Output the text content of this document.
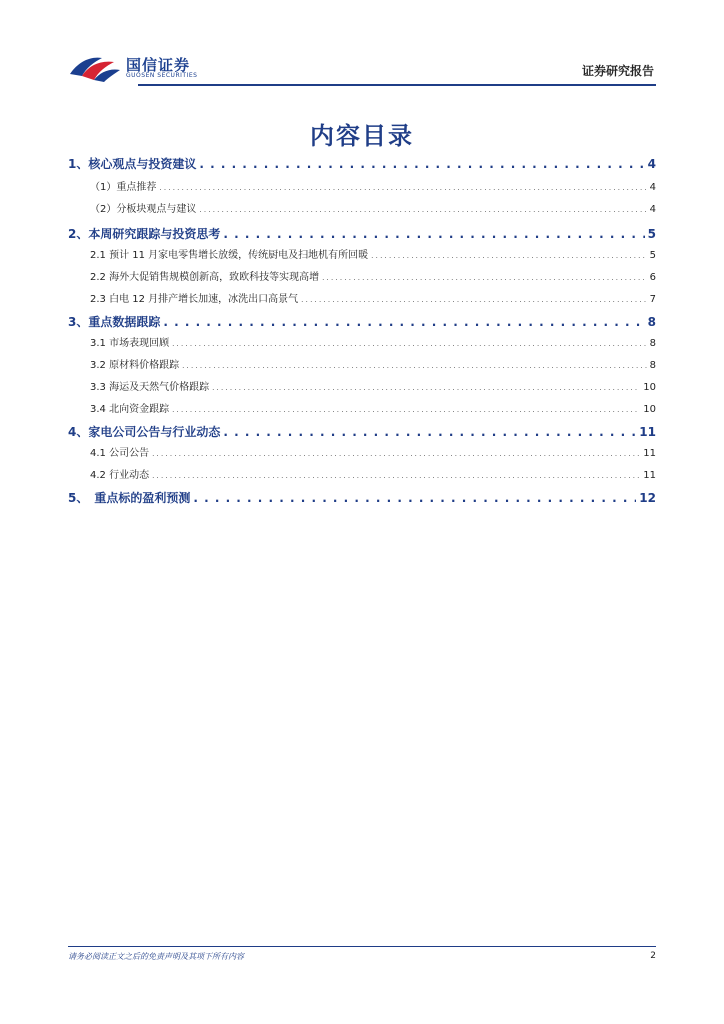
国信证券
GUOSEN SECURITIES	证券研究报告
内容目录
1、核心观点与投资建议 . . .	4
（1）重点推荐 . . .	4
（2）分板块观点与建议 . . .	4
2、本周研究跟踪与投资思考 . . .	5
2.1 预计 11 月家电零售增长放缓，传统厨电及扫地机有所回暖 . . .	5
2.2 海外大促销售规模创新高，致欧科技等实现高增 . . .	6
2.3 白电 12 月排产增长加速，冰洗出口高景气 . . .	7
3、重点数据跟踪 . . .	8
3.1 市场表现回顾 . . .	8
3.2 原材料价格跟踪 . . .	8
3.3 海运及天然气价格跟踪 . . .	10
3.4 北向资金跟踪 . . .	10
4、家电公司公告与行业动态 . . .	11
4.1 公司公告 . . .	11
4.2 行业动态 . . .	11
5、　重点标的盈利预测 . . .	12
请务必阅读正文之后的免责声明及其项下所有内容	2
